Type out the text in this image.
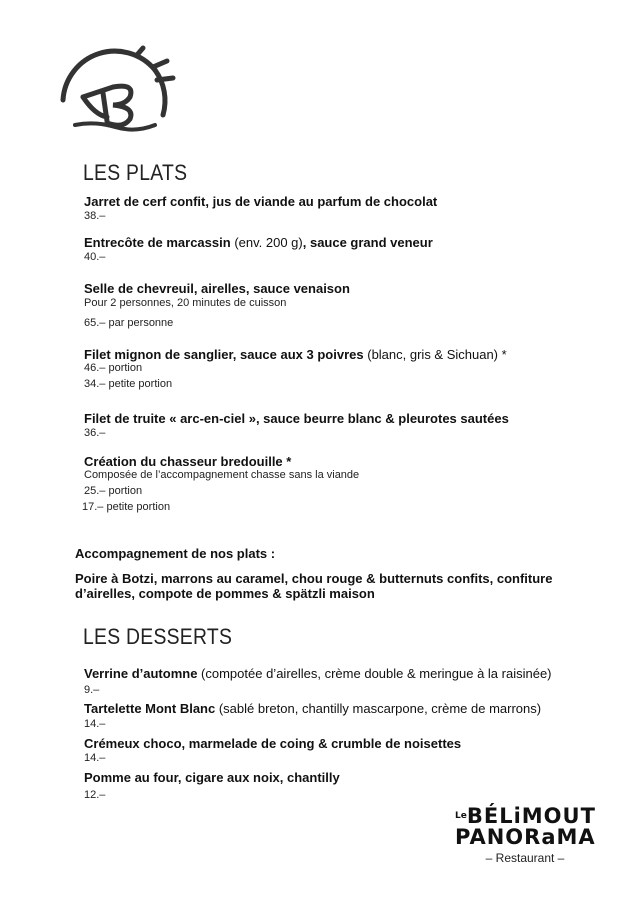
LES PLATS
Jarret de cerf confit, jus de viande au parfum de chocolat
38.–
Entrecôte de marcassin (env. 200 g), sauce grand veneur
40.–
Selle de chevreuil, airelles, sauce venaison
Pour 2 personnes, 20 minutes de cuisson
65.– par personne
Filet mignon de sanglier, sauce aux 3 poivres (blanc, gris & Sichuan) *
46.– portion
34.– petite portion
Filet de truite « arc-en-ciel », sauce beurre blanc & pleurotes sautées
36.–
Création du chasseur bredouille *
Composée de l’accompagnement chasse sans la viande
25.– portion
17.– petite portion
Accompagnement de nos plats :
Poire à Botzi, marrons au caramel, chou rouge & butternuts confits, confiture
d’airelles, compote de pommes & spätzli maison
LES DESSERTS
Verrine d’automne (compotée d’airelles, crème double & meringue à la raisinée)
9.–
Tartelette Mont Blanc (sablé breton, chantilly mascarpone, crème de marrons)
14.–
Crémeux choco, marmelade de coing & crumble de noisettes
14.–
Pomme au four, cigare aux noix, chantilly
12.–
$^{Le}$BÉLiMOUT
PANORaMA
– Restaurant –
